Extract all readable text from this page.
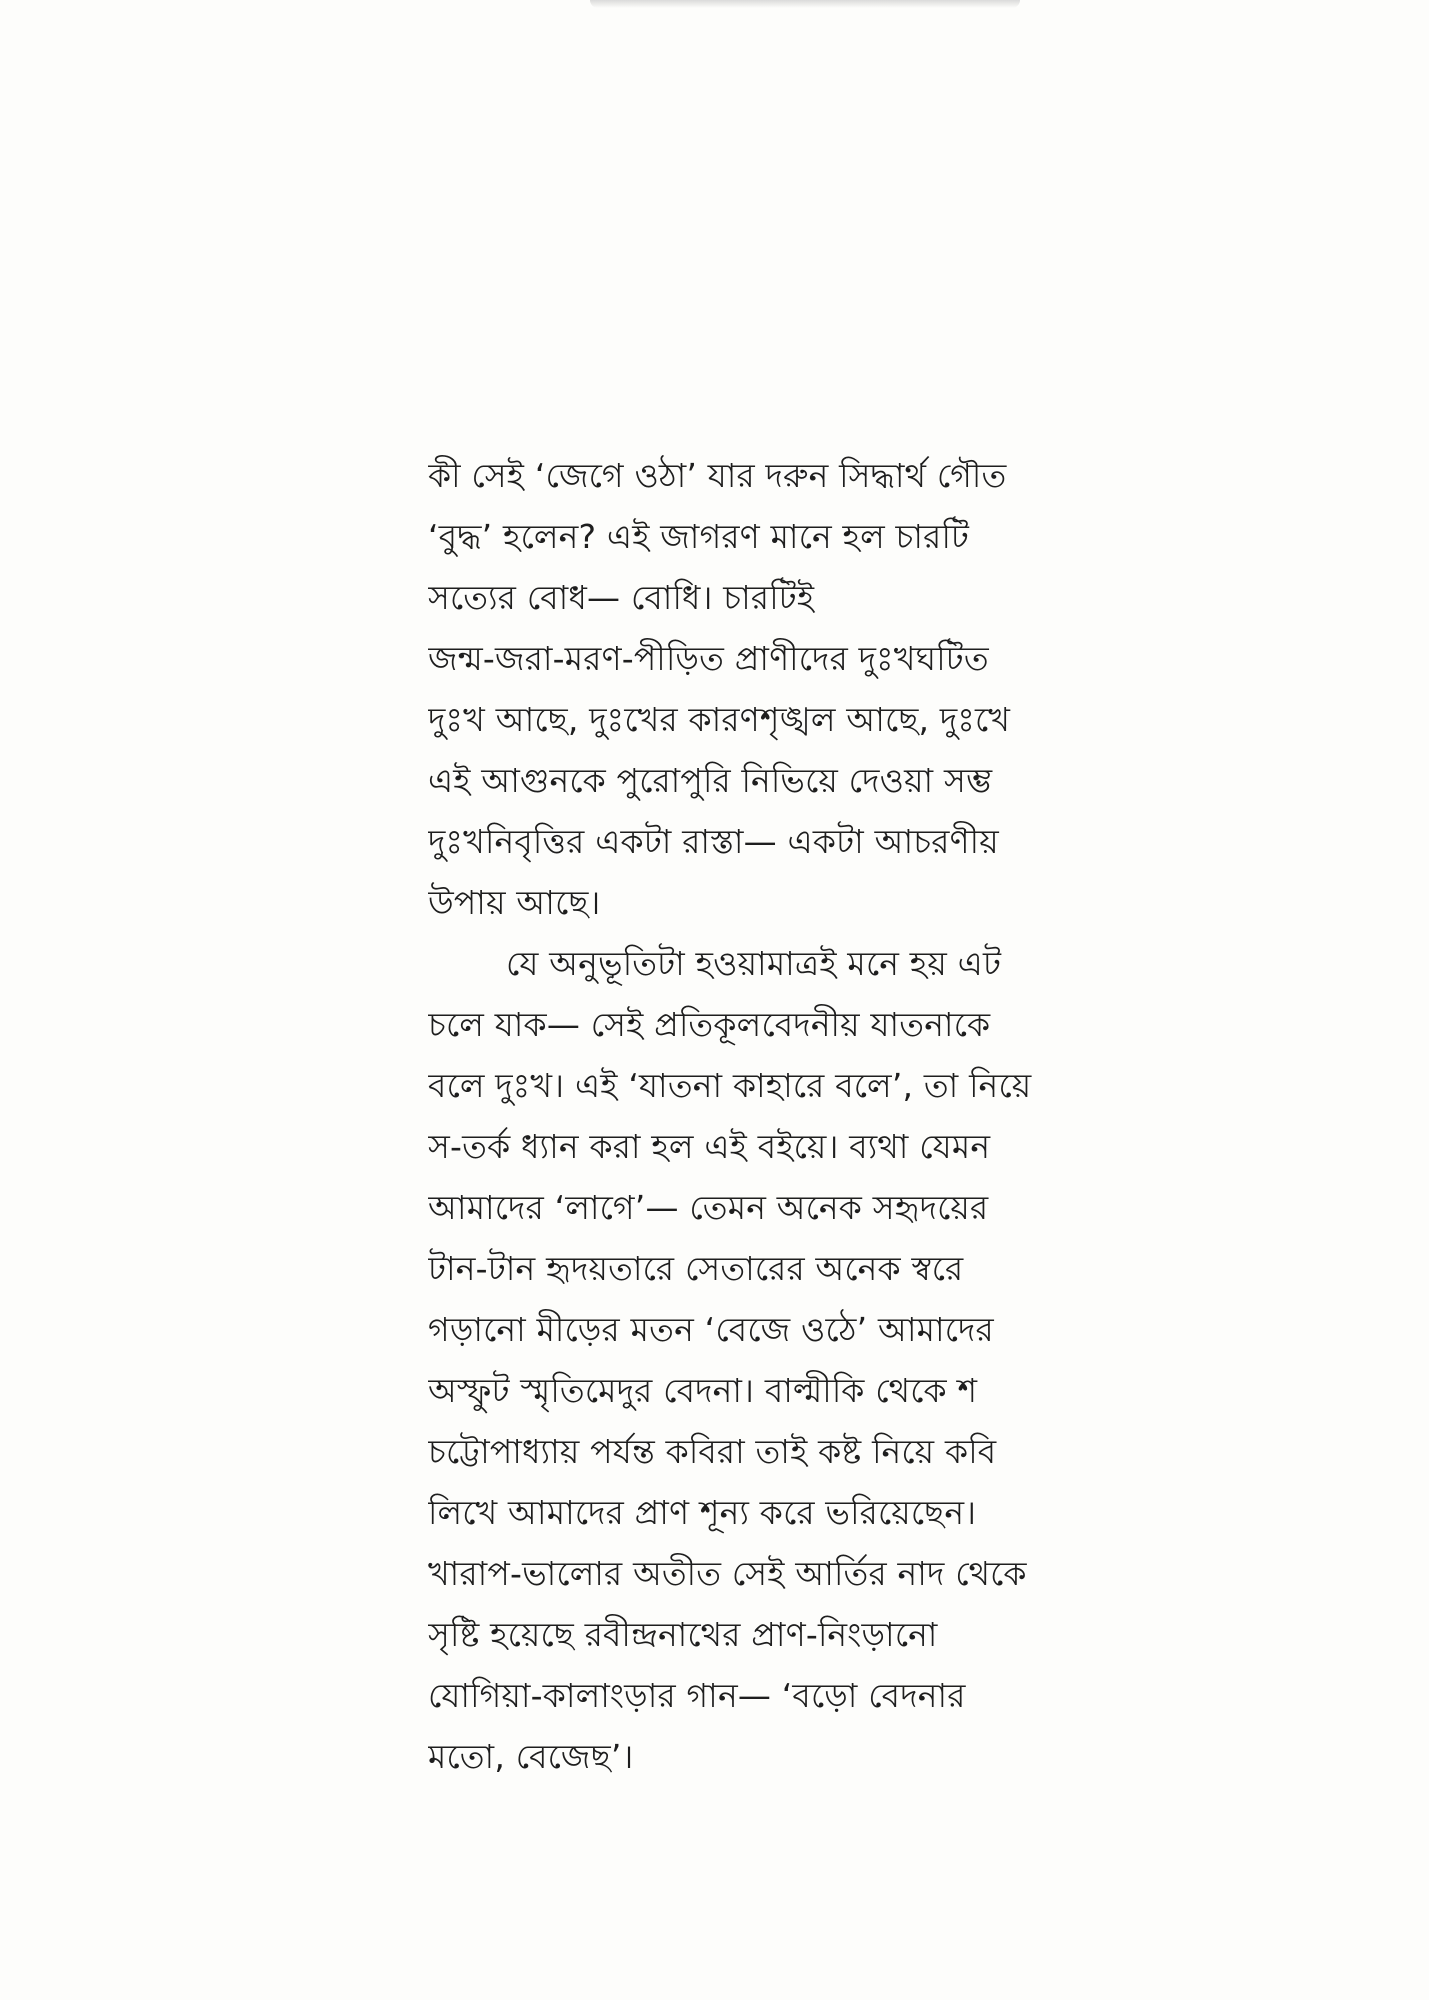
কী সেই ‘জেগে ওঠা’ যার দরুন সিদ্ধার্থ গৌত
‘বুদ্ধ’ হলেন? এই জাগরণ মানে হল চারটি
সত্যের বোধ— বোধি। চারটিই
জন্ম-জরা-মরণ-পীড়িত প্রাণীদের দুঃখঘটিত
দুঃখ আছে, দুঃখের কারণশৃঙ্খল আছে, দুঃখে
এই আগুনকে পুরোপুরি নিভিয়ে দেওয়া সম্ভ
দুঃখনিবৃত্তির একটা রাস্তা— একটা আচরণীয়
উপায় আছে।
যে অনুভূতিটা হওয়ামাত্রই মনে হয় এট
চলে যাক— সেই প্রতিকূলবেদনীয় যাতনাকে
বলে দুঃখ। এই ‘যাতনা কাহারে বলে’, তা নিয়ে
স-তর্ক ধ্যান করা হল এই বইয়ে। ব্যথা যেমন
আমাদের ‘লাগে’— তেমন অনেক সহৃদয়ের
টান-টান হৃদয়তারে সেতারের অনেক স্বরে
গড়ানো মীড়ের মতন ‘বেজে ওঠে’ আমাদের
অস্ফুট স্মৃতিমেদুর বেদনা। বাল্মীকি থেকে শ
চট্টোপাধ্যায় পর্যন্ত কবিরা তাই কষ্ট নিয়ে কবি
লিখে আমাদের প্রাণ শূন্য করে ভরিয়েছেন।
খারাপ-ভালোর অতীত সেই আর্তির নাদ থেকে
সৃষ্টি হয়েছে রবীন্দ্রনাথের প্রাণ-নিংড়ানো
যোগিয়া-কালাংড়ার গান— ‘বড়ো বেদনার
মতো, বেজেছ’।
